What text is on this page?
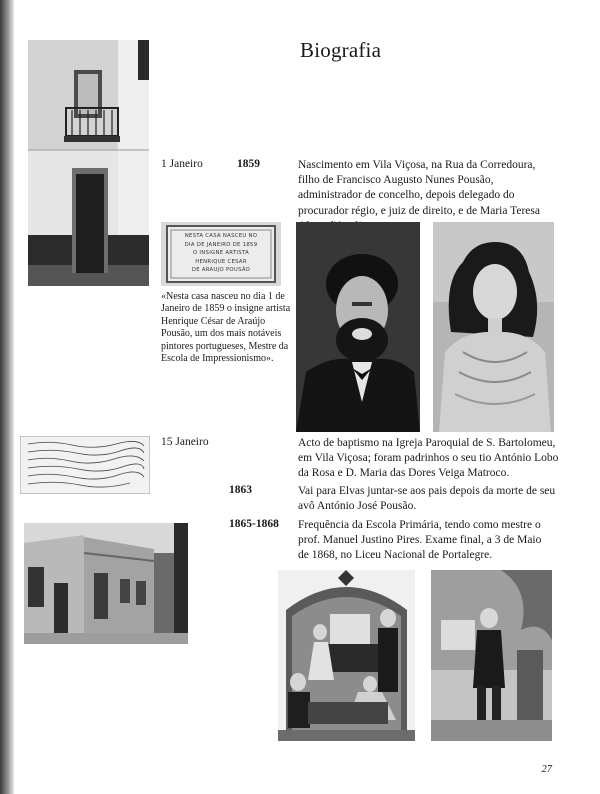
Biografia
1 Janeiro	1859	Nascimento em Vila Viçosa, na Rua da Corredoura, filho de Francisco Augusto Nunes Pousão, administrador de concelho, depois delegado do procurador régio, e juiz de direito, e de Maria Teresa
NESTA CASA NASCEU NO
DIA DE JANEIRO DE 1859
O INSIGNE ARTISTA
HENRIQUE CESAR
DE ARAUJO POUSÃO
«Nesta casa nasceu no dia 1 de Janeiro de 1859 o insigne artista Henrique César de Araújo Pousão, um dos mais notáveis pintores portugueses, Mestre da Escola de Impressionismo».
15 Janeiro	Acto de baptismo na Igreja Paroquial de S. Bartolomeu, em Vila Viçosa; foram padrinhos o seu tio António Lobo da Rosa e D. Maria das Dores Veiga Matroco.
1863	Vai para Elvas juntar-se aos pais depois da morte de seu avô António José Pousão.
1865-1868 Frequência da Escola Primária, tendo como mestre o prof. Manuel Justino Pires. Exame final, a 3 de Maio de 1868, no Liceu Nacional de Portalegre.
27
